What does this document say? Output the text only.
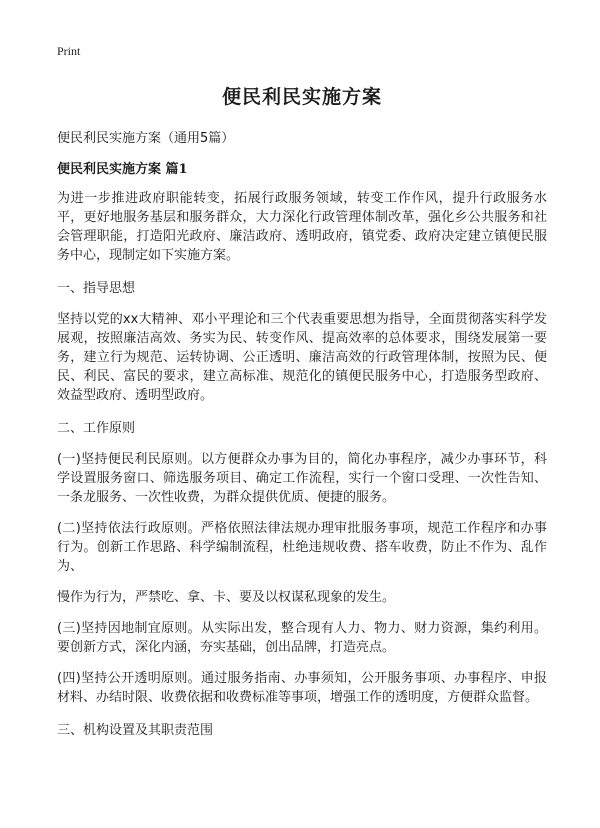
Print
便民利民实施方案
便民利民实施方案（通用5篇）
便民利民实施方案 篇1

为进一步推进政府职能转变，拓展行政服务领域，转变工作作风，提升行政服务水平，更好地服务基层和服务群众，大力深化行政管理体制改革，强化乡公共服务和社会管理职能，打造阳光政府、廉洁政府、透明政府，镇党委、政府决定建立镇便民服务中心，现制定如下实施方案。

一、指导思想

坚持以党的xx大精神、邓小平理论和三个代表重要思想为指导，全面贯彻落实科学发展观，按照廉洁高效、务实为民、转变作风、提高效率的总体要求，围绕发展第一要务，建立行为规范、运转协调、公正透明、廉洁高效的行政管理体制，按照为民、便民、利民、富民的要求，建立高标准、规范化的镇便民服务中心，打造服务型政府、效益型政府、透明型政府。

二、工作原则

(一)坚持便民利民原则。以方便群众办事为目的，简化办事程序，减少办事环节，科学设置服务窗口、筛选服务项目、确定工作流程，实行一个窗口受理、一次性告知、一条龙服务、一次性收费，为群众提供优质、便捷的服务。

(二)坚持依法行政原则。严格依照法律法规办理审批服务事项，规范工作程序和办事行为。创新工作思路、科学编制流程，杜绝违规收费、搭车收费，防止不作为、乱作为、

慢作为行为，严禁吃、拿、卡、要及以权谋私现象的发生。

(三)坚持因地制宜原则。从实际出发，整合现有人力、物力、财力资源，集约利用。要创新方式，深化内涵，夯实基础，创出品牌，打造亮点。

(四)坚持公开透明原则。通过服务指南、办事须知，公开服务事项、办事程序、申报材料、办结时限、收费依据和收费标准等事项，增强工作的透明度，方便群众监督。

三、机构设置及其职责范围
